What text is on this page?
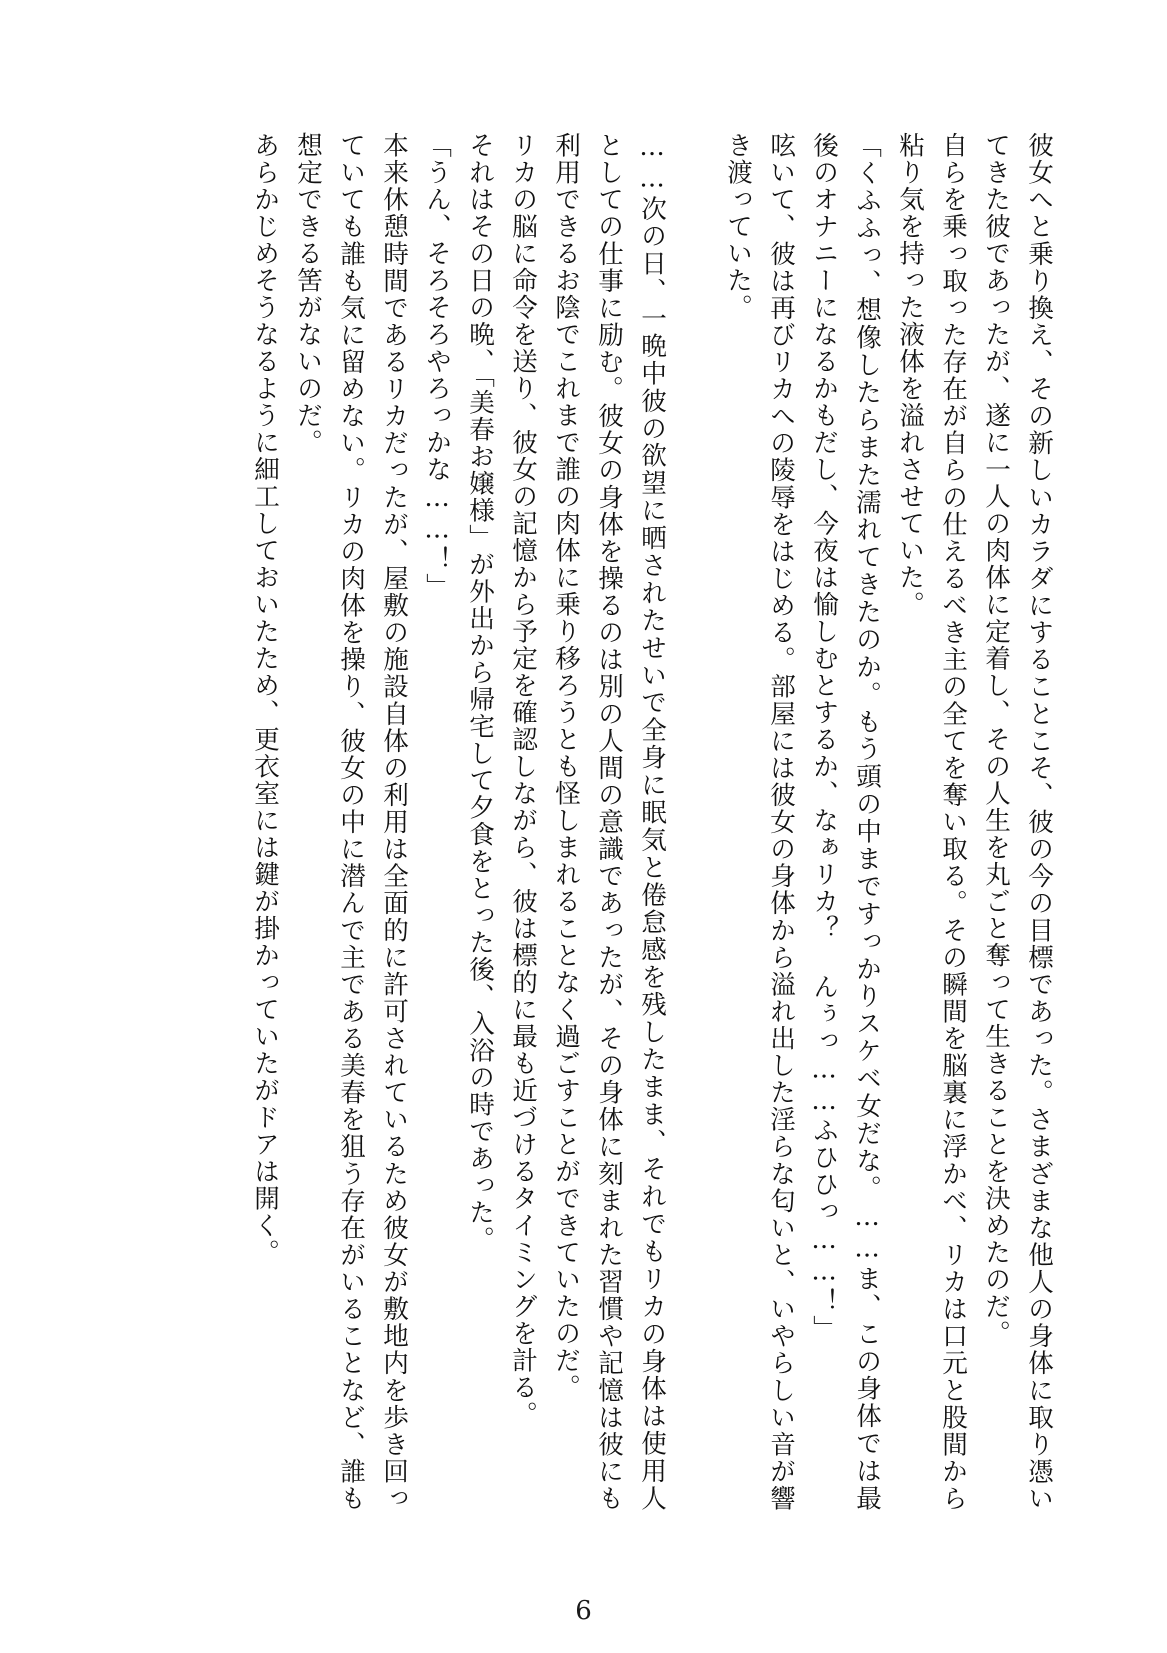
彼女へと乗り換え、その新しいカラダにすることこそ、彼の今の目標であった。さまざまな他人の身体に取り憑いてきた彼であったが、遂に一人の肉体に定着し、その人生を丸ごと奪って生きることを決めたのだ。

自らを乗っ取った存在が自らの仕えるべき主の全てを奪い取る。その瞬間を脳裏に浮かべ、リカは口元と股間から粘り気を持った液体を溢れさせていた。

「くふふっ、想像したらまた濡れてきたのか。もう頭の中まですっかりスケベ女だな。……ま、この身体では最後のオナニーになるかもだし、今夜は愉しむとするか、なぁリカ？ んぅっ……ふひひっ……！」

呟いて、彼は再びリカへの陵辱をはじめる。部屋には彼女の身体から溢れ出した淫らな匂いと、いやらしい音が響き渡っていた。

……次の日、一晩中彼の欲望に晒されたせいで全身に眠気と倦怠感を残したまま、それでもリカの身体は使用人としての仕事に励む。彼女の身体を操るのは別の人間の意識であったが、その身体に刻まれた習慣や記憶は彼にも利用できるお陰でこれまで誰の肉体に乗り移ろうとも怪しまれることなく過ごすことができていたのだ。

リカの脳に命令を送り、彼女の記憶から予定を確認しながら、彼は標的に最も近づけるタイミングを計る。

それはその日の晩、「美春お嬢様」が外出から帰宅して夕食をとった後、入浴の時であった。

「うん、そろそろやろっかな……！」

本来休憩時間であるリカだったが、屋敷の施設自体の利用は全面的に許可されているため彼女が敷地内を歩き回っていても誰も気に留めない。リカの肉体を操り、彼女の中に潜んで主である美春を狙う存在がいることなど、誰も想定できる筈がないのだ。

あらかじめそうなるように細工しておいたため、更衣室には鍵が掛かっていたがドアは開く。

6
